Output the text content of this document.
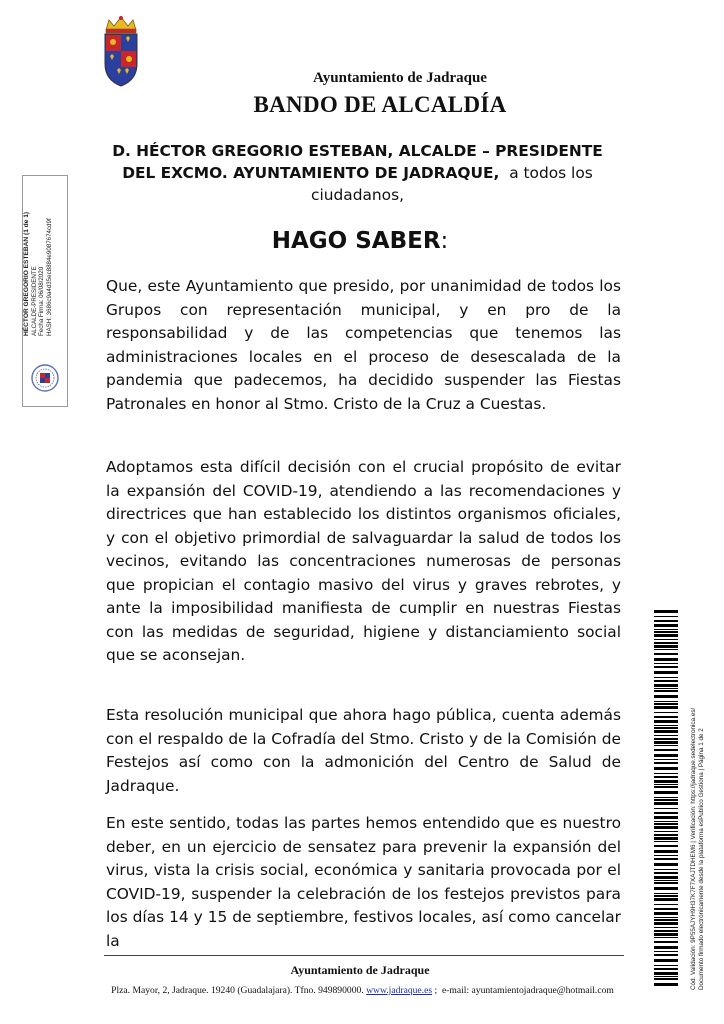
Ayuntamiento de Jadraque
BANDO DE ALCALDÍA
D. HÉCTOR GREGORIO ESTEBAN, ALCALDE – PRESIDENTE DEL EXCMO. AYUNTAMIENTO DE JADRAQUE, a todos los ciudadanos,
HAGO SABER:

Que, este Ayuntamiento que presido, por unanimidad de todos los Grupos con representación municipal, y en pro de la responsabilidad y de las competencias que tenemos las administraciones locales en el proceso de desescalada de la pandemia que padecemos, ha decidido suspender las Fiestas Patronales en honor al Stmo. Cristo de la Cruz a Cuestas.

Adoptamos esta difícil decisión con el crucial propósito de evitar la expansión del COVID-19, atendiendo a las recomendaciones y directrices que han establecido los distintos organismos oficiales, y con el objetivo primordial de salvaguardar la salud de todos los vecinos, evitando las concentraciones numerosas de personas que propician el contagio masivo del virus y graves rebrotes, y ante la imposibilidad manifiesta de cumplir en nuestras Fiestas con las medidas de seguridad, higiene y distanciamiento social que se aconsejan.

Esta resolución municipal que ahora hago pública, cuenta además con el respaldo de la Cofradía del Stmo. Cristo y de la Comisión de Festejos así como con la admonición del Centro de Salud de Jadraque.

En este sentido, todas las partes hemos entendido que es nuestro deber, en un ejercicio de sensatez para prevenir la expansión del virus, vista la crisis social, económica y sanitaria provocada por el COVID-19, suspender la celebración de los festejos previstos para los días 14 y 15 de septiembre, festivos locales, así como cancelar la

Ayuntamiento de Jadraque
Plza. Mayor, 2, Jadraque. 19240 (Guadalajara). Tfno. 949890000. www.jadraque.es ; e-mail: ayuntamientojadraque@hotmail.com
HÉCTOR GREGORIO ESTEBAN (1 de 1)
ALCALDE-PRESIDENTE
Fecha Firma: 06/08/2020
HASH: 3686c9a4d35ec8884e9087674cd9f
Cód. Validación: 9P55AJYH9H37K7F7XAJTDHEM6 | Verificación: https://jadraque.sedelectronica.es/
Documento firmado electrónicamente desde la plataforma esPublico Gestiona | Página 1 de 2
